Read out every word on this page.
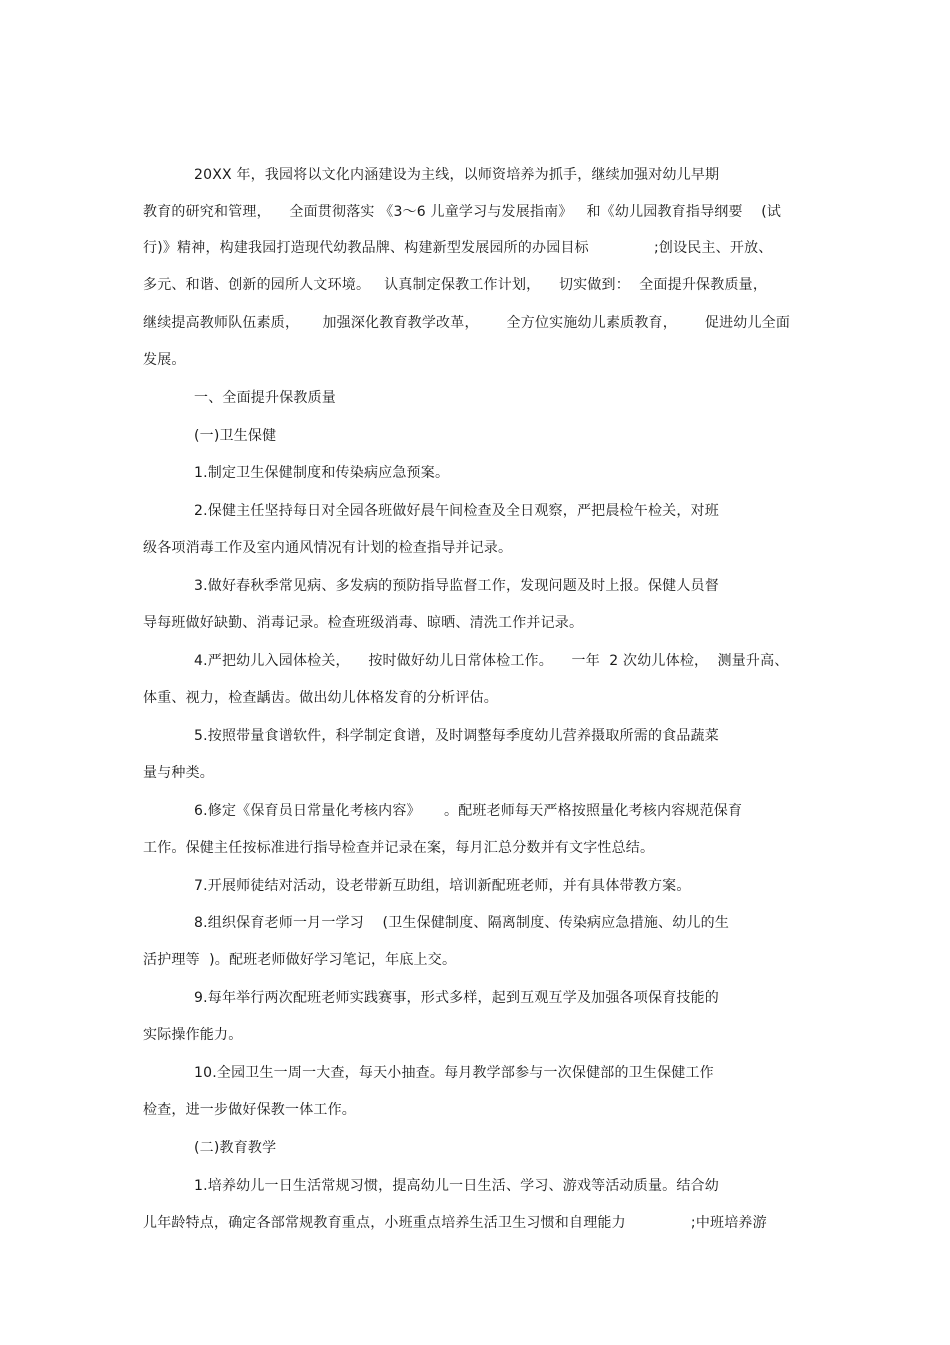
20XX 年，我园将以文化内涵建设为主线，以师资培养为抓手，继续加强对幼儿早期
教育的研究和管理，    全面贯彻落实 《3～6 儿童学习与发展指南》   和《幼儿园教育指导纲要    (试
行)》精神，构建我园打造现代幼教品牌、构建新型发展园所的办园目标              ;创设民主、开放、
多元、和谐、创新的园所人文环境。   认真制定保教工作计划，    切实做到：  全面提升保教质量，
继续提高教师队伍素质，     加强深化教育教学改革，      全方位实施幼儿素质教育，      促进幼儿全面
发展。
一、全面提升保教质量
(一)卫生保健
1.制定卫生保健制度和传染病应急预案。
2.保健主任坚持每日对全园各班做好晨午间检查及全日观察，严把晨检午检关，对班
级各项消毒工作及室内通风情况有计划的检查指导并记录。
3.做好春秋季常见病、多发病的预防指导监督工作，发现问题及时上报。保健人员督
导每班做好缺勤、消毒记录。检查班级消毒、晾晒、清洗工作并记录。
4.严把幼儿入园体检关，    按时做好幼儿日常体检工作。    一年  2 次幼儿体检，  测量升高、
体重、视力，检查龋齿。做出幼儿体格发育的分析评估。
5.按照带量食谱软件，科学制定食谱，及时调整每季度幼儿营养摄取所需的食品蔬菜
量与种类。
6.修定《保育员日常量化考核内容》     。配班老师每天严格按照量化考核内容规范保育
工作。保健主任按标准进行指导检查并记录在案，每月汇总分数并有文字性总结。
7.开展师徒结对活动，设老带新互助组，培训新配班老师，并有具体带教方案。
8.组织保育老师一月一学习    (卫生保健制度、隔离制度、传染病应急措施、幼儿的生
活护理等  )。配班老师做好学习笔记，年底上交。
9.每年举行两次配班老师实践赛事，形式多样，起到互观互学及加强各项保育技能的
实际操作能力。
10.全园卫生一周一大查，每天小抽查。每月教学部参与一次保健部的卫生保健工作
检查，进一步做好保教一体工作。
(二)教育教学
1.培养幼儿一日生活常规习惯，提高幼儿一日生活、学习、游戏等活动质量。结合幼
儿年龄特点，确定各部常规教育重点，小班重点培养生活卫生习惯和自理能力              ;中班培养游
